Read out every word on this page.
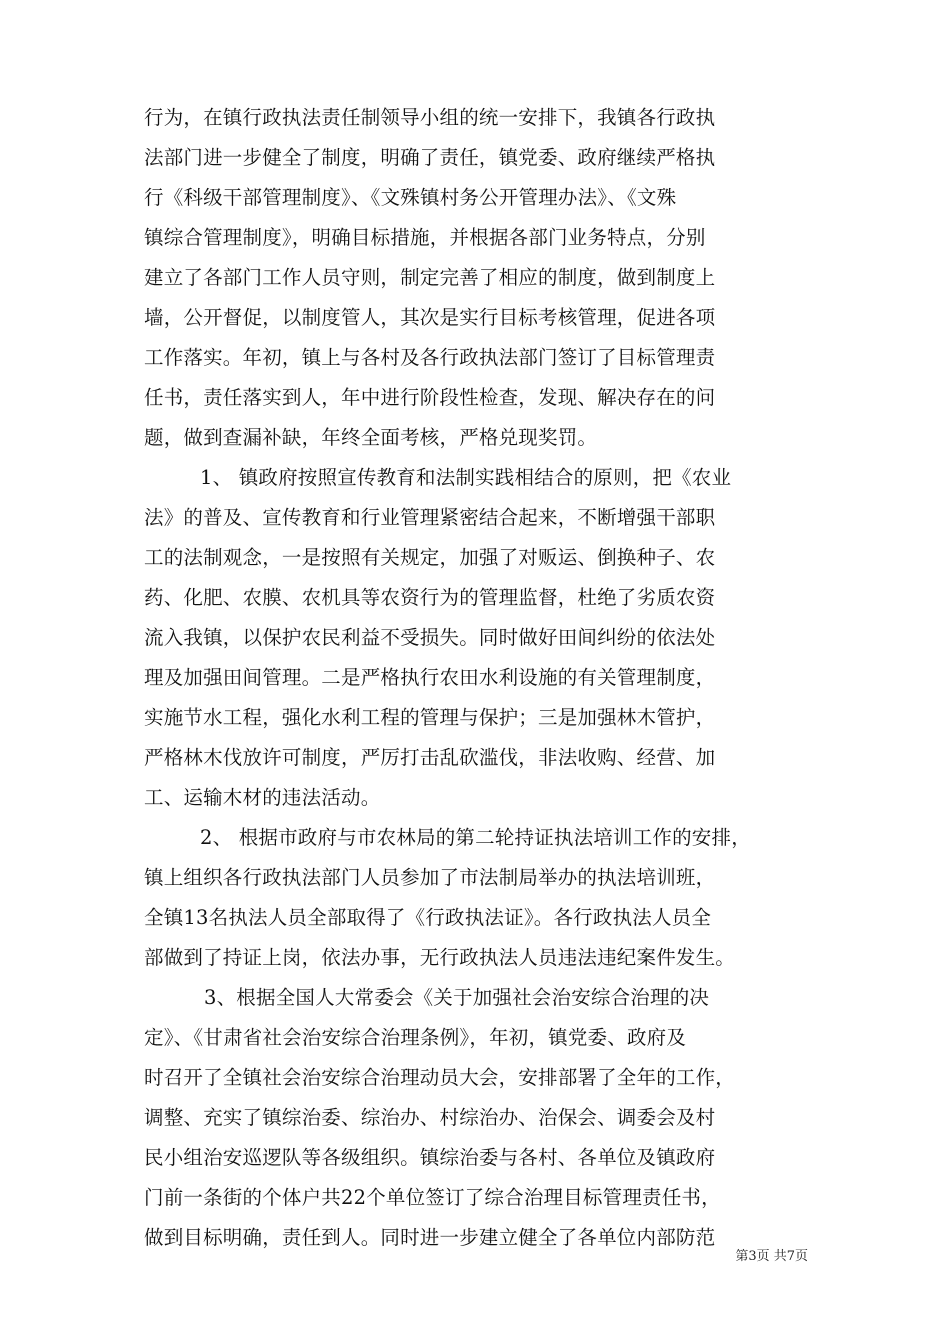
行为，在镇行政执法责任制领导小组的统一安排下，我镇各行政执
法部门进一步健全了制度，明确了责任，镇党委、政府继续严格执
行《科级干部管理制度》、《文殊镇村务公开管理办法》、《文殊
镇综合管理制度》，明确目标措施，并根据各部门业务特点，分别
建立了各部门工作人员守则，制定完善了相应的制度，做到制度上
墙，公开督促，以制度管人，其次是实行目标考核管理，促进各项
工作落实。年初，镇上与各村及各行政执法部门签订了目标管理责
任书，责任落实到人，年中进行阶段性检查，发现、解决存在的问
题，做到查漏补缺，年终全面考核，严格兑现奖罚。

1、 镇政府按照宣传教育和法制实践相结合的原则，把《农业
法》的普及、宣传教育和行业管理紧密结合起来，不断增强干部职
工的法制观念，一是按照有关规定，加强了对贩运、倒换种子、农
药、化肥、农膜、农机具等农资行为的管理监督，杜绝了劣质农资
流入我镇，以保护农民利益不受损失。同时做好田间纠纷的依法处
理及加强田间管理。二是严格执行农田水利设施的有关管理制度，
实施节水工程，强化水利工程的管理与保护；三是加强林木管护，
严格林木伐放许可制度，严厉打击乱砍滥伐，非法收购、经营、加
工、运输木材的违法活动。

2、 根据市政府与市农林局的第二轮持证执法培训工作的安排，
镇上组织各行政执法部门人员参加了市法制局举办的执法培训班，
全镇13名执法人员全部取得了《行政执法证》。各行政执法人员全
部做到了持证上岗，依法办事，无行政执法人员违法违纪案件发生。

3、根据全国人大常委会《关于加强社会治安综合治理的决
定》、《甘肃省社会治安综合治理条例》，年初，镇党委、政府及
时召开了全镇社会治安综合治理动员大会，安排部署了全年的工作，
调整、充实了镇综治委、综治办、村综治办、治保会、调委会及村
民小组治安巡逻队等各级组织。镇综治委与各村、各单位及镇政府
门前一条街的个体户共22个单位签订了综合治理目标管理责任书，
做到目标明确，责任到人。同时进一步建立健全了各单位内部防范

第3页 共7页
